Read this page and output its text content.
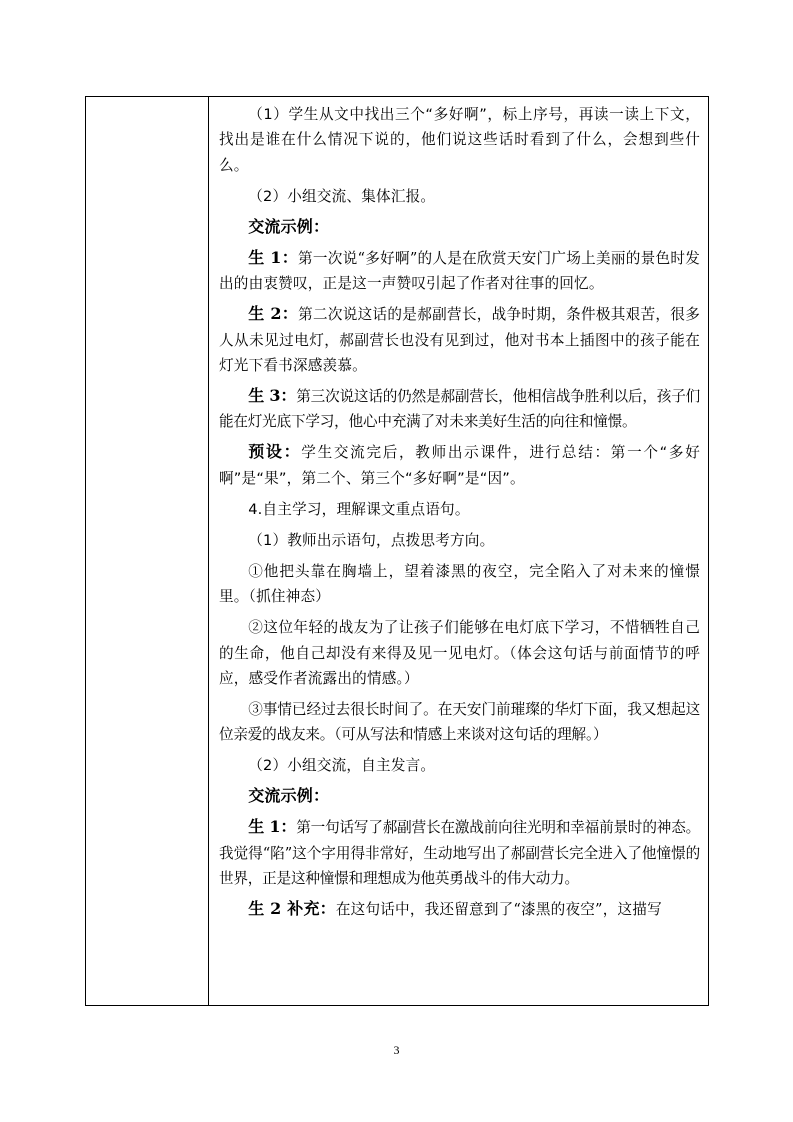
（1）学生从文中找出三个“多好啊”，标上序号，再读一读上下文，找出是谁在什么情况下说的，他们说这些话时看到了什么，会想到些什么。

（2）小组交流、集体汇报。

交流示例：

生 1：第一次说“多好啊”的人是在欣赏天安门广场上美丽的景色时发出的由衷赞叹，正是这一声赞叹引起了作者对往事的回忆。

生 2：第二次说这话的是郝副营长，战争时期，条件极其艰苦，很多人从未见过电灯，郝副营长也没有见到过，他对书本上插图中的孩子能在灯光下看书深感羡慕。

生 3：第三次说这话的仍然是郝副营长，他相信战争胜利以后，孩子们能在灯光底下学习，他心中充满了对未来美好生活的向往和憧憬。

预设：学生交流完后，教师出示课件，进行总结：第一个“多好啊”是“果”，第二个、第三个“多好啊”是“因”。

4.自主学习，理解课文重点语句。

（1）教师出示语句，点拨思考方向。

①他把头靠在胸墙上，望着漆黑的夜空，完全陷入了对未来的憧憬里。（抓住神态）

②这位年轻的战友为了让孩子们能够在电灯底下学习，不惜牺牲自己的生命，他自己却没有来得及见一见电灯。（体会这句话与前面情节的呼应，感受作者流露出的情感。）

③事情已经过去很长时间了。在天安门前璀璨的华灯下面，我又想起这位亲爱的战友来。（可从写法和情感上来谈对这句话的理解。）

（2）小组交流，自主发言。

交流示例：

生 1：第一句话写了郝副营长在激战前向往光明和幸福前景时的神态。我觉得“陷”这个字用得非常好，生动地写出了郝副营长完全进入了他憧憬的世界，正是这种憧憬和理想成为他英勇战斗的伟大动力。

生 2 补充：在这句话中，我还留意到了“漆黑的夜空”，这描写

3
